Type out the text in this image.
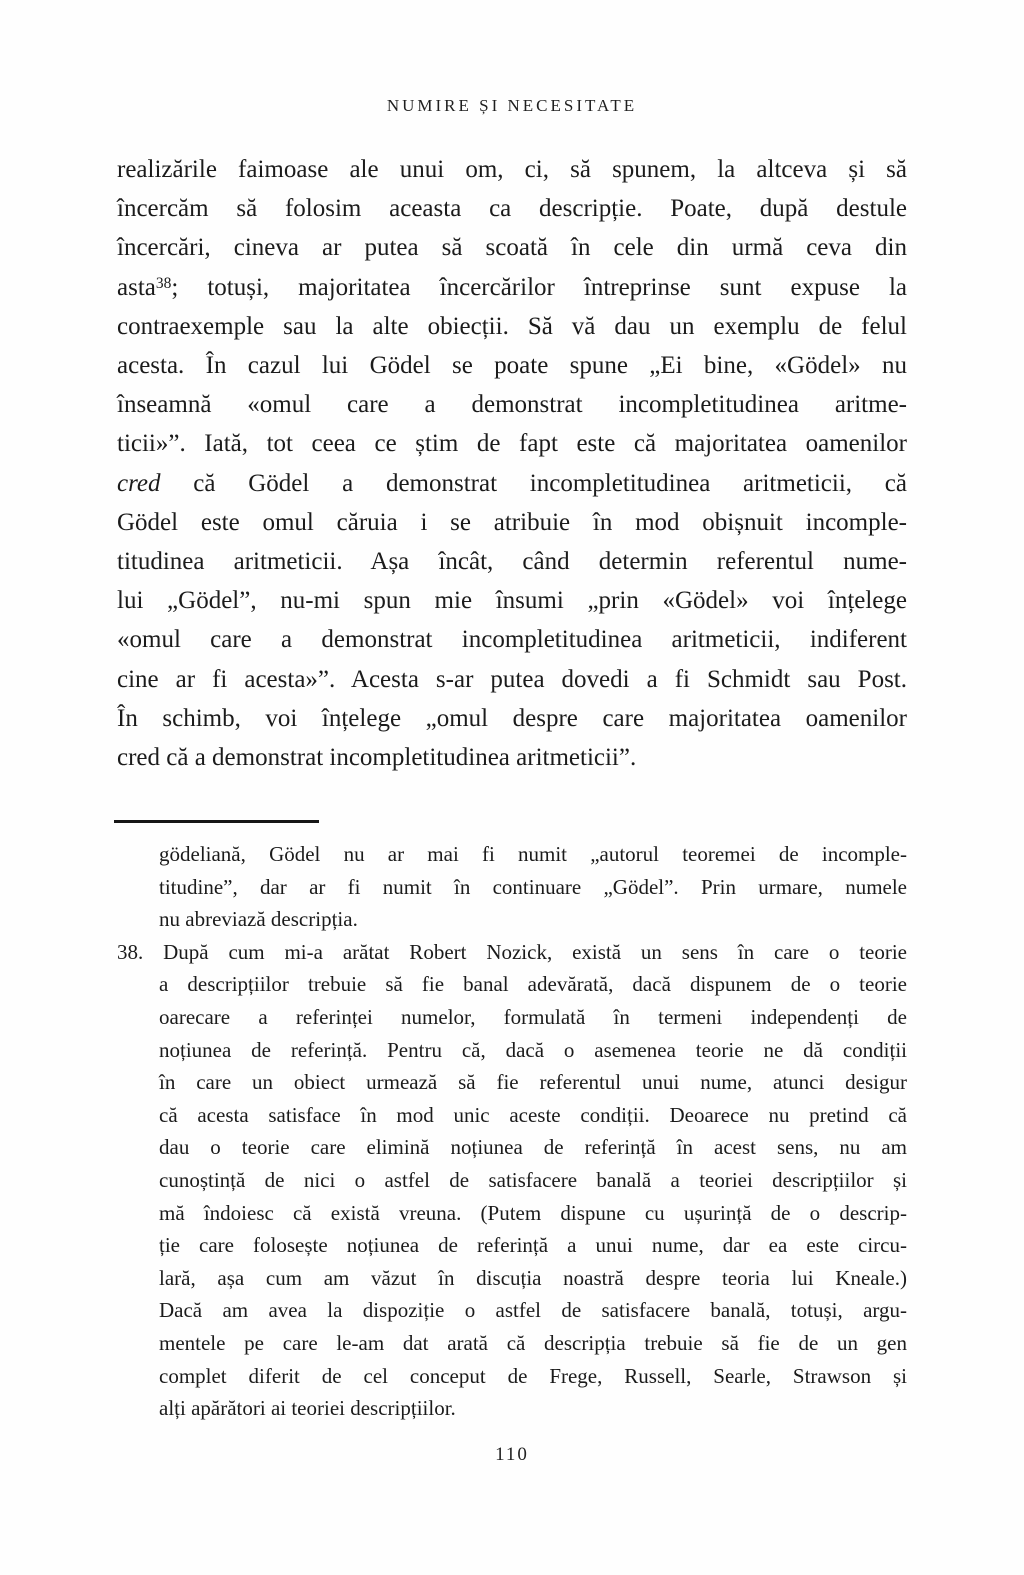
NUMIRE ȘI NECESITATE
realizările faimoase ale unui om, ci, să spunem, la altceva și să
încercăm să folosim aceasta ca descripție. Poate, după destule
încercări, cineva ar putea să scoată în cele din urmă ceva din
asta$^{38}$; totuși, majoritatea încercărilor întreprinse sunt expuse la
contraexemple sau la alte obiecții. Să vă dau un exemplu de felul
acesta. În cazul lui Gödel se poate spune „Ei bine, «Gödel» nu
înseamnă «omul care a demonstrat incompletitudinea aritme-
ticii»”. Iată, tot ceea ce știm de fapt este că majoritatea oamenilor
cred că Gödel a demonstrat incompletitudinea aritmeticii, că
Gödel este omul căruia i se atribuie în mod obișnuit incomple-
titudinea aritmeticii. Așa încât, când determin referentul nume-
lui „Gödel”, nu-mi spun mie însumi „prin «Gödel» voi înțelege
«omul care a demonstrat incompletitudinea aritmeticii, indiferent
cine ar fi acesta»”. Acesta s-ar putea dovedi a fi Schmidt sau Post.
În schimb, voi înțelege „omul despre care majoritatea oamenilor
cred că a demonstrat incompletitudinea aritmeticii”.
gödeliană, Gödel nu ar mai fi numit „autorul teoremei de incomple-
titudine”, dar ar fi numit în continuare „Gödel”. Prin urmare, numele
nu abreviază descripția.
38. După cum mi-a arătat Robert Nozick, există un sens în care o teorie
a descripțiilor trebuie să fie banal adevărată, dacă dispunem de o teorie
oarecare a referinței numelor, formulată în termeni independenți de
noțiunea de referință. Pentru că, dacă o asemenea teorie ne dă condiții
în care un obiect urmează să fie referentul unui nume, atunci desigur
că acesta satisface în mod unic aceste condiții. Deoarece nu pretind că
dau o teorie care elimină noțiunea de referință în acest sens, nu am
cunoștință de nici o astfel de satisfacere banală a teoriei descripțiilor și
mă îndoiesc că există vreuna. (Putem dispune cu ușurință de o descrip-
ție care folosește noțiunea de referință a unui nume, dar ea este circu-
lară, așa cum am văzut în discuția noastră despre teoria lui Kneale.)
Dacă am avea la dispoziție o astfel de satisfacere banală, totuși, argu-
mentele pe care le-am dat arată că descripția trebuie să fie de un gen
complet diferit de cel conceput de Frege, Russell, Searle, Strawson și
alți apărători ai teoriei descripțiilor.
110
